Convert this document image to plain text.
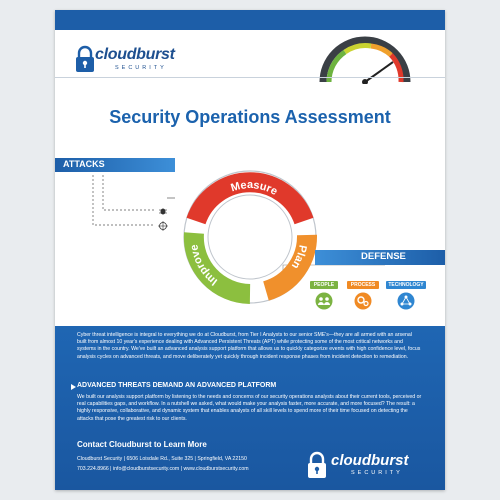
cloudburst
SECURITY
Security Operations Assessment
ATTACKS
Measure
Plan
Improve
DEFENSE
PEOPLE	PROCESS	TECHNOLOGY
Cyber threat intelligence is integral to everything we do at Cloudburst, from Tier I Analysts to our senior SME's—they are all armed with an arsenal built from almost 10 year's experience dealing with Advanced Persistent Threats (APT) while protecting some of the most critical networks and systems in the country. We've built an advanced analysis support platform that allows us to quickly categorize events with high confidence level, focus analysis cycles on advanced threats, and move deliberately yet quickly through incident response phases from incident detection to remediation.
ADVANCED THREATS DEMAND AN ADVANCED PLATFORM
We built our analysis support platform by listening to the needs and concerns of our security operations analysts about their current tools, perceived or real capabilities gaps, and workflow. In a nutshell we asked, what would make your analysis faster, more accurate, and more focused? The result: a highly responsive, collaborative, and dynamic system that enables analysts of all skill levels to spend more of their time focused on detecting the attacks that pose the greatest risk to our clients.
Contact Cloudburst to Learn More
Cloudburst Security | 6506 Loisdale Rd., Suite 325 | Springfield, VA 22150
703.224.8966 | info@cloudburstsecurity.com | www.cloudburstsecurity.com	cloudburst
SECURITY
